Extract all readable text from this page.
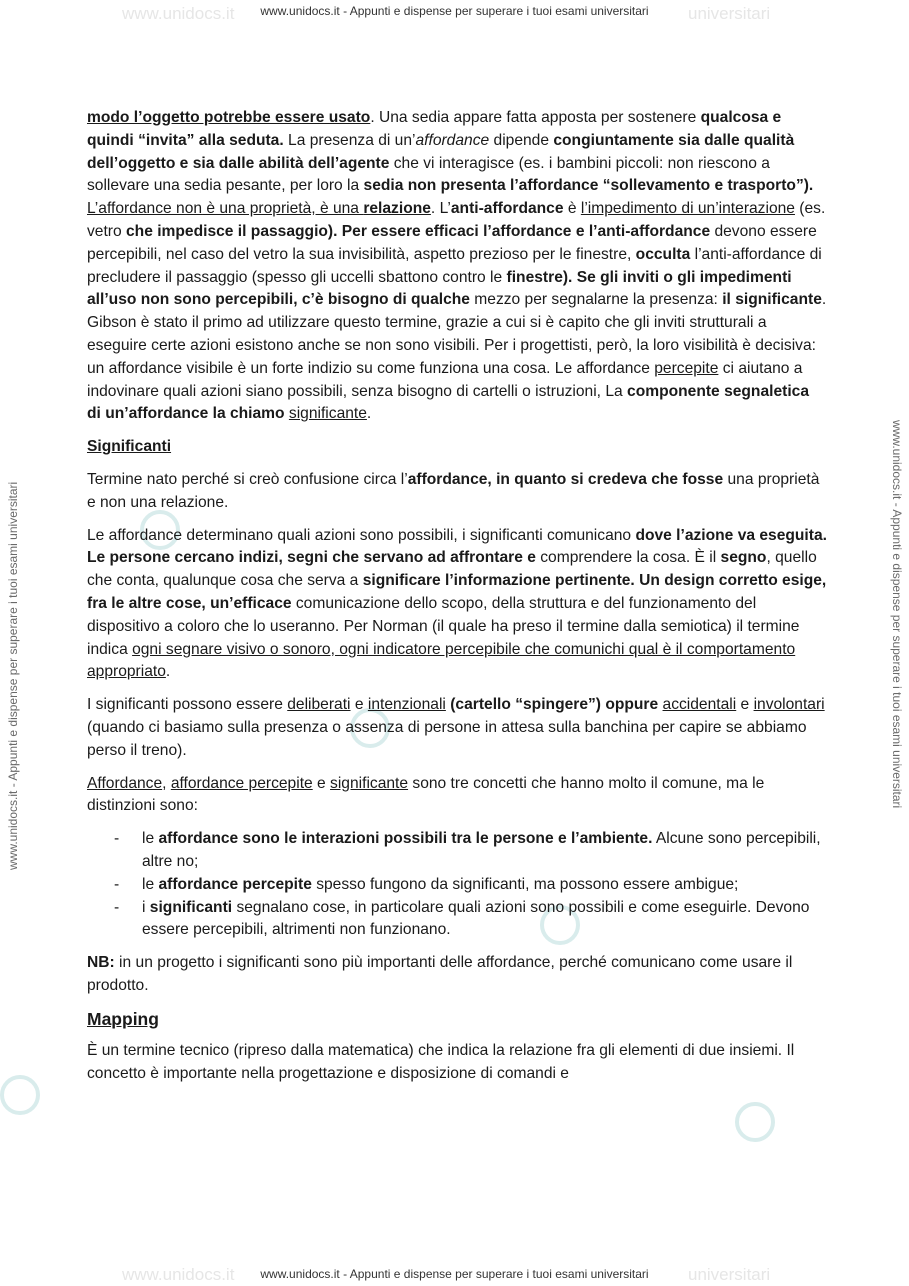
www.unidocs.it	universitari
www.unidocs.it - Appunti e dispense per superare i tuoi esami universitari
www.unidocs.it	universitari
www.unidocs.it - Appunti e dispense per superare i tuoi esami universitari
www.unidocs.it - Appunti e dispense per superare i tuoi esami universitari	www.unidocs.it - Appunti e dispense per superare i tuoi esami universitari

modo l’oggetto potrebbe essere usato. Una sedia appare fatta apposta per sostenere qualcosa e quindi “invita” alla seduta. La presenza di un’affordance dipende congiuntamente sia dalle qualità dell’oggetto e sia dalle abilità dell’agente che vi interagisce (es. i bambini piccoli: non riescono a sollevare una sedia pesante, per loro la sedia non presenta l’affordance “sollevamento e trasporto”). L’affordance non è una proprietà, è una relazione. L’anti-affordance è l’impedimento di un’interazione (es. vetro che impedisce il passaggio). Per essere efficaci l’affordance e l’anti-affordance devono essere percepibili, nel caso del vetro la sua invisibilità, aspetto prezioso per le finestre, occulta l’anti-affordance di precludere il passaggio (spesso gli uccelli sbattono contro le finestre). Se gli inviti o gli impedimenti all’uso non sono percepibili, c’è bisogno di qualche mezzo per segnalarne la presenza: il significante. Gibson è stato il primo ad utilizzare questo termine, grazie a cui si è capito che gli inviti strutturali a eseguire certe azioni esistono anche se non sono visibili. Per i progettisti, però, la loro visibilità è decisiva: un affordance visibile è un forte indizio su come funziona una cosa. Le affordance percepite ci aiutano a indovinare quali azioni siano possibili, senza bisogno di cartelli o istruzioni, La componente segnaletica di un’affordance la chiamo significante.

Significanti

Termine nato perché si creò confusione circa l’affordance, in quanto si credeva che fosse una proprietà e non una relazione.

Le affordance determinano quali azioni sono possibili, i significanti comunicano dove l’azione va eseguita. Le persone cercano indizi, segni che servano ad affrontare e comprendere la cosa. È il segno, quello che conta, qualunque cosa che serva a significare l’informazione pertinente. Un design corretto esige, fra le altre cose, un’efficace comunicazione dello scopo, della struttura e del funzionamento del dispositivo a coloro che lo useranno. Per Norman (il quale ha preso il termine dalla semiotica) il termine indica ogni segnare visivo o sonoro, ogni indicatore percepibile che comunichi qual è il comportamento appropriato.

I significanti possono essere deliberati e intenzionali (cartello “spingere”) oppure accidentali e involontari (quando ci basiamo sulla presenza o assenza di persone in attesa sulla banchina per capire se abbiamo perso il treno).

Affordance, affordance percepite e significante sono tre concetti che hanno molto il comune, ma le distinzioni sono:

- le affordance sono le interazioni possibili tra le persone e l’ambiente. Alcune sono percepibili, altre no;
- le affordance percepite spesso fungono da significanti, ma possono essere ambigue;
- i significanti segnalano cose, in particolare quali azioni sono possibili e come eseguirle. Devono essere percepibili, altrimenti non funzionano.

NB: in un progetto i significanti sono più importanti delle affordance, perché comunicano come usare il prodotto.

Mapping

È un termine tecnico (ripreso dalla matematica) che indica la relazione fra gli elementi di due insiemi. Il concetto è importante nella progettazione e disposizione di comandi e
